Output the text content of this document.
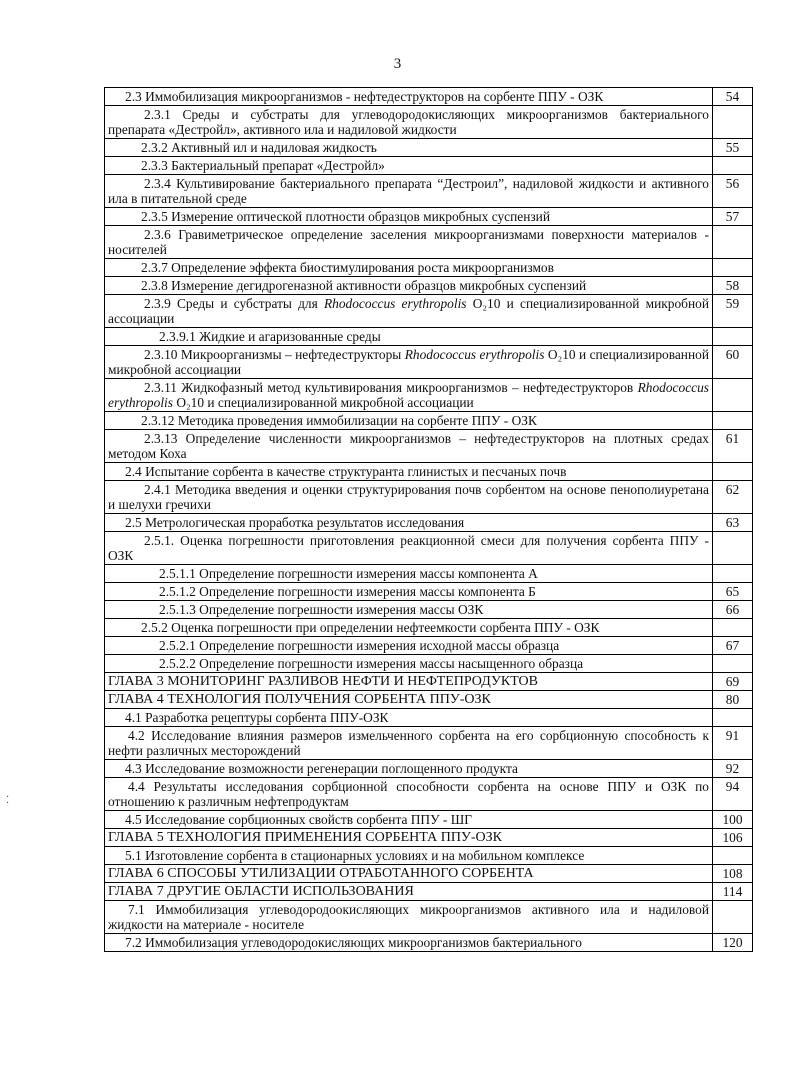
3
2.3 Иммобилизация микроорганизмов - нефтедеструкторов на сорбенте ППУ - ОЗК	54
2.3.1 Среды и субстраты для углеводородокисляющих микроорганизмов бактериального препарата «Дестройл», активного ила и надиловой жидкости	
2.3.2 Активный ил и надиловая жидкость	55
2.3.3 Бактериальный препарат «Дестройл»	
2.3.4 Культивирование бактериального препарата “Дестроил”, надиловой жидкости и активного ила в питательной среде	56
2.3.5 Измерение оптической плотности образцов микробных суспензий	57
2.3.6 Гравиметрическое определение заселения микроорганизмами поверхности материалов - носителей	
2.3.7 Определение эффекта биостимулирования роста микроорганизмов	
2.3.8 Измерение дегидрогеназной активности образцов микробных суспензий	58
2.3.9 Среды и субстраты для Rhodococcus erythropolis O₂10 и специализированной микробной ассоциации	59
2.3.9.1 Жидкие и агаризованные среды	
2.3.10 Микроорганизмы – нефтедеструкторы Rhodococcus erythropolis O₂10 и специализированной микробной ассоциации	60
2.3.11 Жидкофазный метод культивирования микроорганизмов – нефтедеструкторов Rhodococcus erythropolis O₂10 и специализированной микробной ассоциации	
2.3.12 Методика проведения иммобилизации на сорбенте ППУ - ОЗК	
2.3.13 Определение численности микроорганизмов – нефтедеструкторов на плотных средах методом Коха	61
2.4 Испытание сорбента в качестве структуранта глинистых и песчаных почв	
2.4.1 Методика введения и оценки структурирования почв сорбентом на основе пенополиуретана и шелухи гречихи	62
2.5 Метрологическая проработка результатов исследования	63
2.5.1. Оценка погрешности приготовления реакционной смеси для получения сорбента ППУ - ОЗК	
2.5.1.1 Определение погрешности измерения массы компонента А	
2.5.1.2 Определение погрешности измерения массы компонента Б	65
2.5.1.3 Определение погрешности измерения массы ОЗК	66
2.5.2 Оценка погрешности при определении нефтеемкости сорбента ППУ - ОЗК	
2.5.2.1 Определение погрешности измерения исходной массы образца	67
2.5.2.2 Определение погрешности измерения массы насыщенного образца	
ГЛАВА 3 МОНИТОРИНГ РАЗЛИВОВ НЕФТИ И НЕФТЕПРОДУКТОВ	69
ГЛАВА 4 ТЕХНОЛОГИЯ ПОЛУЧЕНИЯ СОРБЕНТА ППУ-ОЗК	80
4.1 Разработка рецептуры сорбента ППУ-ОЗК	
4.2 Исследование влияния размеров измельченного сорбента на его сорбционную способность к нефти различных месторождений	91
4.3 Исследование возможности регенерации поглощенного продукта	92
4.4 Результаты исследования сорбционной способности сорбента на основе ППУ и ОЗК по отношению к различным нефтепродуктам	94
4.5 Исследование сорбционных свойств сорбента ППУ - ШГ	100
ГЛАВА 5 ТЕХНОЛОГИЯ ПРИМЕНЕНИЯ СОРБЕНТА ППУ-ОЗК	106
5.1 Изготовление сорбента в стационарных условиях и на мобильном комплексе	
ГЛАВА 6 СПОСОБЫ УТИЛИЗАЦИИ ОТРАБОТАННОГО СОРБЕНТА	108
ГЛАВА 7 ДРУГИЕ ОБЛАСТИ ИСПОЛЬЗОВАНИЯ	114
7.1 Иммобилизация углеводородоокисляющих микроорганизмов активного ила и надиловой жидкости на материале - носителе	
7.2 Иммобилизация углеводородокисляющих микроорганизмов бактериального	120
⁚
